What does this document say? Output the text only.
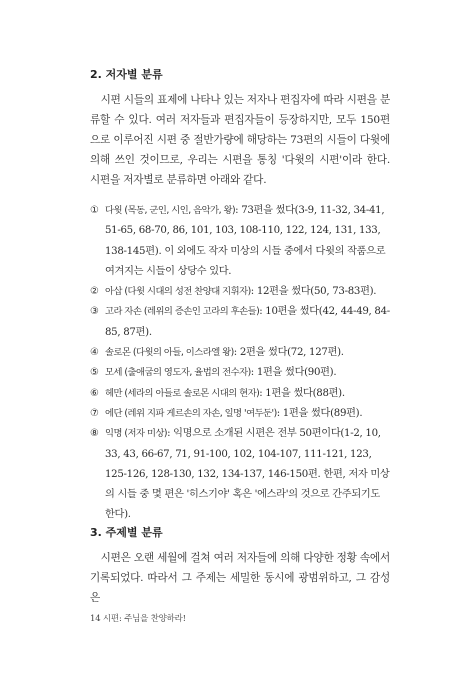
2. 저자별 분류

시편 시들의 표제에 나타나 있는 저자나 편집자에 따라 시편을 분류할 수 있다. 여러 저자들과 편집자들이 등장하지만, 모두 150편으로 이루어진 시편 중 절반가량에 해당하는 73편의 시들이 다윗에 의해 쓰인 것이므로, 우리는 시편을 통칭 '다윗의 시편'이라 한다. 시편을 저자별로 분류하면 아래와 같다.

① 다윗 (목동, 군인, 시인, 음악가, 왕): 73편을 썼다(3-9, 11-32, 34-41, 51-65, 68-70, 86, 101, 103, 108-110, 122, 124, 131, 133, 138-145편). 이 외에도 작자 미상의 시들 중에서 다윗의 작품으로 여겨지는 시들이 상당수 있다.
② 아삽 (다윗 시대의 성전 찬양대 지휘자): 12편을 썼다(50, 73-83편).
③ 고라 자손 (레위의 증손인 고라의 후손들): 10편을 썼다(42, 44-49, 84-85, 87편).
④ 솔로몬 (다윗의 아들, 이스라엘 왕): 2편을 썼다(72, 127편).
⑤ 모세 (출애굽의 영도자, 율법의 전수자): 1편을 썼다(90편).
⑥ 헤만 (세라의 아들로 솔로몬 시대의 현자): 1편을 썼다(88편).
⑦ 에단 (레위 지파 게르손의 자손, 일명 '여두둔'): 1편을 썼다(89편).
⑧ 익명 (저자 미상): 익명으로 소개된 시편은 전부 50편이다(1-2, 10, 33, 43, 66-67, 71, 91-100, 102, 104-107, 111-121, 123, 125-126, 128-130, 132, 134-137, 146-150편. 한편, 저자 미상의 시들 중 몇 편은 '히스기야' 혹은 '에스라'의 것으로 간주되기도 한다).
3. 주제별 분류

시편은 오랜 세월에 걸쳐 여러 저자들에 의해 다양한 정황 속에서 기록되었다. 따라서 그 주제는 세밀한 동시에 광범위하고, 그 감성은

14 시편: 주님을 찬양하라!
